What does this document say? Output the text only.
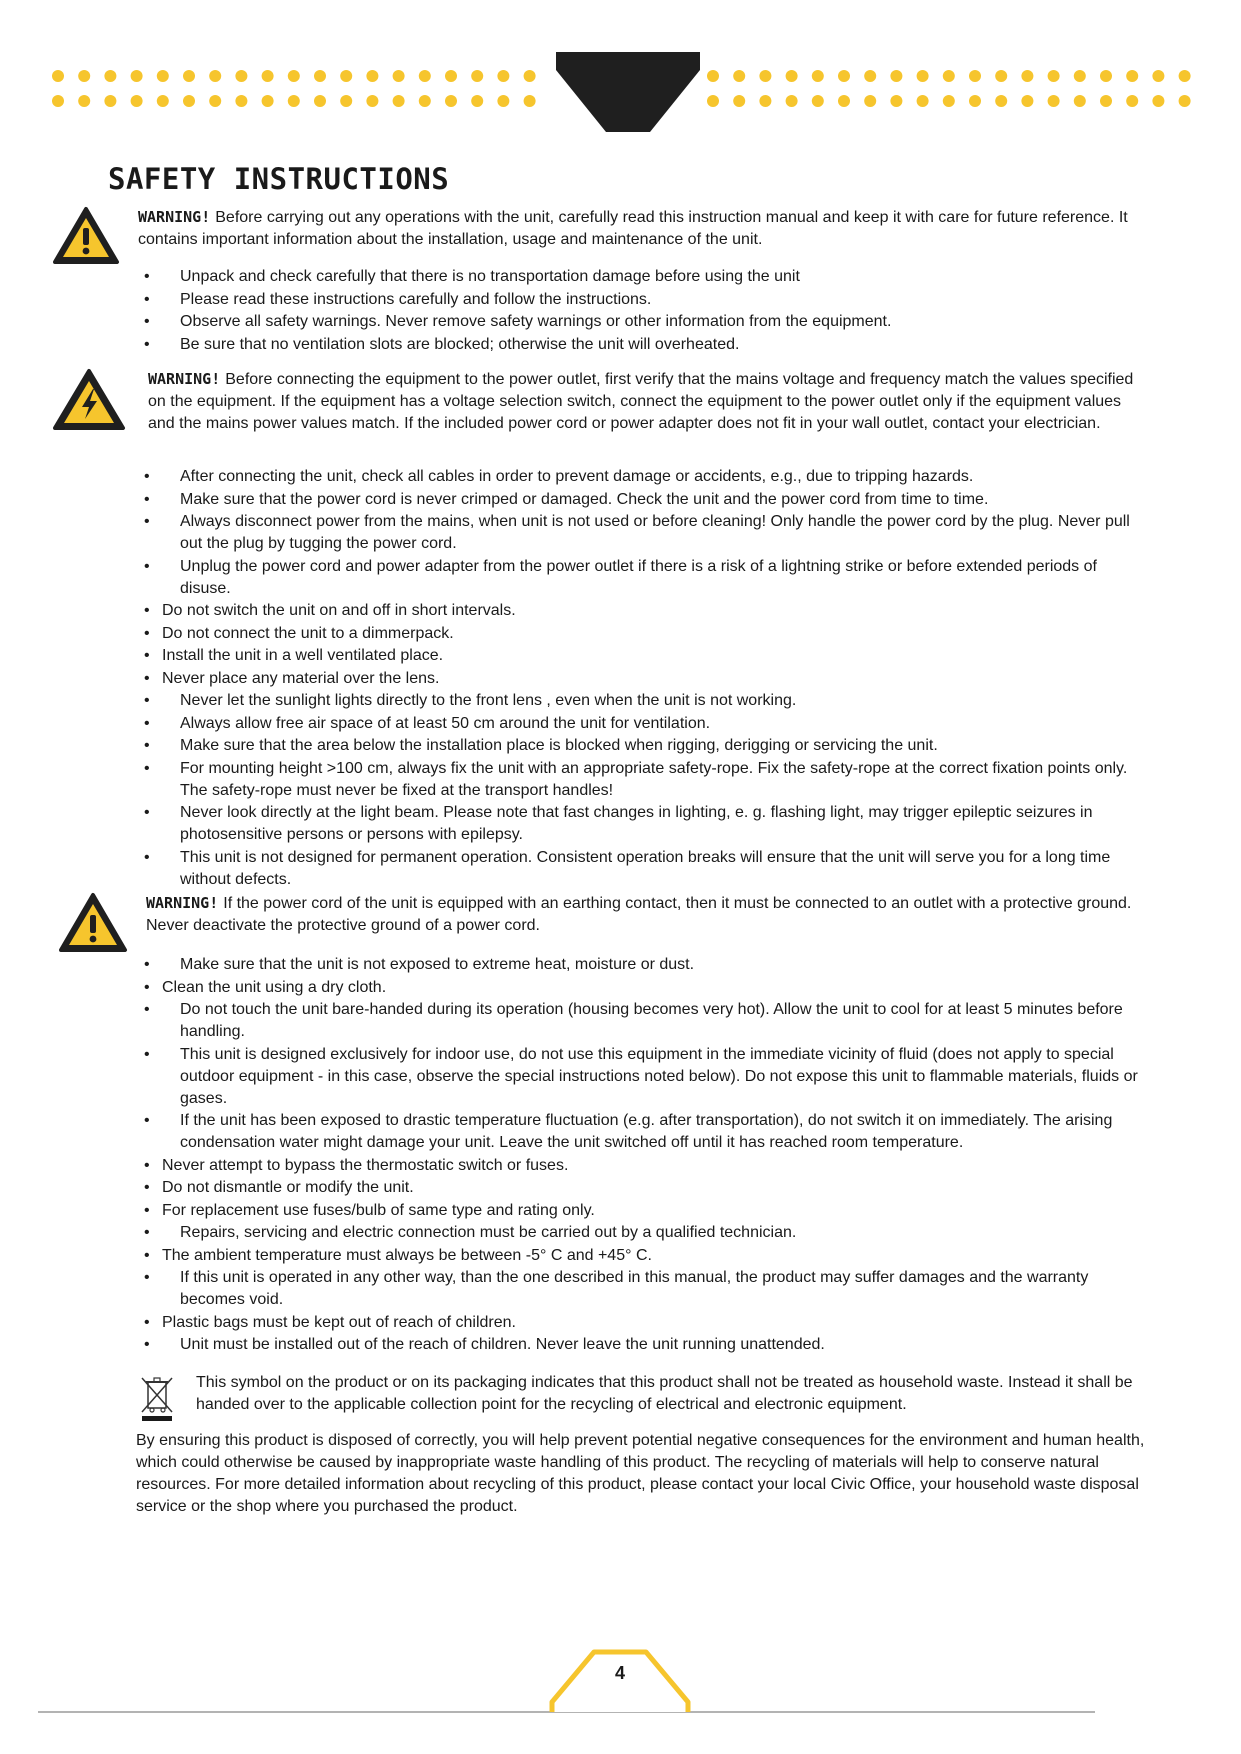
SAFETY INSTRUCTIONS

WARNING! Before carrying out any operations with the unit, carefully read this instruction manual and keep it with care for future reference. It contains important information about the installation, usage and maintenance of the unit.

• Unpack and check carefully that there is no transportation damage before using the unit
• Please read these instructions carefully and follow the instructions.
• Observe all safety warnings. Never remove safety warnings or other information from the equipment.
• Be sure that no ventilation slots are blocked; otherwise the unit will overheated.

WARNING! Before connecting the equipment to the power outlet, first verify that the mains voltage and frequency match the values specified on the equipment. If the equipment has a voltage selection switch, connect the equipment to the power outlet only if the equipment values and the mains power values match. If the included power cord or power adapter does not fit in your wall outlet, contact your electrician.

• After connecting the unit, check all cables in order to prevent damage or accidents, e.g., due to tripping hazards.
• Make sure that the power cord is never crimped or damaged. Check the unit and the power cord from time to time.
• Always disconnect power from the mains, when unit is not used or before cleaning! Only handle the power cord by the plug. Never pull out the plug by tugging the power cord.
• Unplug the power cord and power adapter from the power outlet if there is a risk of a lightning strike or before extended periods of disuse.
• Do not switch the unit on and off in short intervals.
• Do not connect the unit to a dimmerpack.
• Install the unit in a well ventilated place.
• Never place any material over the lens.
• Never let the sunlight lights directly to the front lens , even when the unit is not working.
• Always allow free air space of at least 50 cm around the unit for ventilation.
• Make sure that the area below the installation place is blocked when rigging, derigging or servicing the unit.
• For mounting height >100 cm, always fix the unit with an appropriate safety-rope. Fix the safety-rope at the correct fixation points only. The safety-rope must never be fixed at the transport handles!
• Never look directly at the light beam. Please note that fast changes in lighting, e. g. flashing light, may trigger epileptic seizures in photosensitive persons or persons with epilepsy.
• This unit is not designed for permanent operation. Consistent operation breaks will ensure that the unit will serve you for a long time without defects.

WARNING! If the power cord of the unit is equipped with an earthing contact, then it must be connected to an outlet with a protective ground. Never deactivate the protective ground of a power cord.

• Make sure that the unit is not exposed to extreme heat, moisture or dust.
• Clean the unit using a dry cloth.
• Do not touch the unit bare-handed during its operation (housing becomes very hot). Allow the unit to cool for at least 5 minutes before handling.
• This unit is designed exclusively for indoor use, do not use this equipment in the immediate vicinity of fluid (does not apply to special outdoor equipment - in this case, observe the special instructions noted below). Do not expose this unit to flammable materials, fluids or gases.
• If the unit has been exposed to drastic temperature fluctuation (e.g. after transportation), do not switch it on immediately. The arising condensation water might damage your unit. Leave the unit switched off until it has reached room temperature.
• Never attempt to bypass the thermostatic switch or fuses.
• Do not dismantle or modify the unit.
• For replacement use fuses/bulb of same type and rating only.
• Repairs, servicing and electric connection must be carried out by a qualified technician.
• The ambient temperature must always be between -5° C and +45° C.
• If this unit is operated in any other way, than the one described in this manual, the product may suffer damages and the warranty becomes void.
• Plastic bags must be kept out of reach of children.
• Unit must be installed out of the reach of children. Never leave the unit running unattended.

This symbol on the product or on its packaging indicates that this product shall not be treated as household waste. Instead it shall be handed over to the applicable collection point for the recycling of electrical and electronic equipment.

By ensuring this product is disposed of correctly, you will help prevent potential negative consequences for the environment and human health, which could otherwise be caused by inappropriate waste handling of this product. The recycling of materials will help to conserve natural resources. For more detailed information about recycling of this product, please contact your local Civic Office, your household waste disposal service or the shop where you purchased the product.

4
